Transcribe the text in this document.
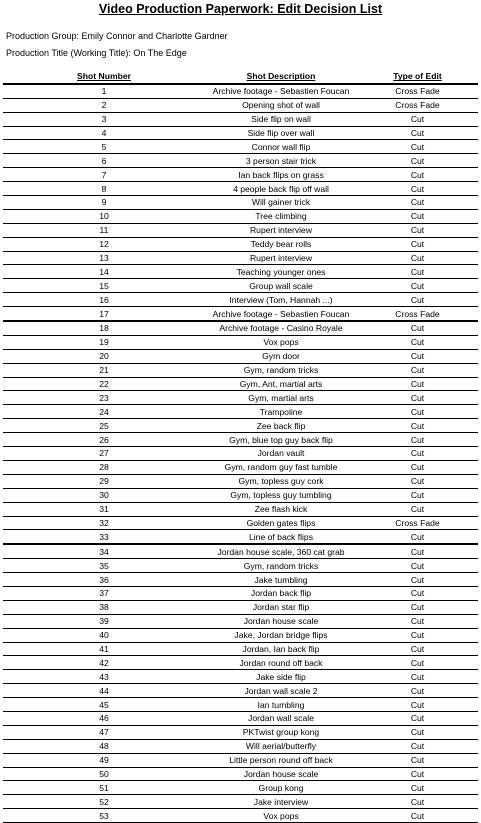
Video Production Paperwork: Edit Decision List
Production Group: Emily Connor and Charlotte Gardner
Production Title (Working Title): On The Edge
Shot Number	Shot Description	Type of Edit
1	Archive footage - Sebastien Foucan	Cross Fade
2	Opening shot of wall	Cross Fade
3	Side flip on wall	Cut
4	Side flip over wall	Cut
5	Connor wall flip	Cut
6	3 person stair trick	Cut
7	Ian back flips on grass	Cut
8	4 people back flip off wall	Cut
9	Will gainer trick	Cut
10	Tree climbing	Cut
11	Rupert interview	Cut
12	Teddy bear rolls	Cut
13	Rupert interview	Cut
14	Teaching younger ones	Cut
15	Group wall scale	Cut
16	Interview (Tom, Hannah ...)	Cut
17	Archive footage - Sebastien Foucan	Cross Fade
18	Archive footage - Casino Royale	Cut
19	Vox pops	Cut
20	Gym door	Cut
21	Gym, random tricks	Cut
22	Gym, Ant, martial arts	Cut
23	Gym, martial arts	Cut
24	Trampoline	Cut
25	Zee back flip	Cut
26	Gym, blue top guy back flip	Cut
27	Jordan vault	Cut
28	Gym, random guy fast tumble	Cut
29	Gym, topless guy cork	Cut
30	Gym, topless guy tumbling	Cut
31	Zee flash kick	Cut
32	Golden gates flips	Cross Fade
33	Line of back flips	Cut
34	Jordan house scale, 360 cat grab	Cut
35	Gym, random tricks	Cut
36	Jake tumbling	Cut
37	Jordan back flip	Cut
38	Jordan star flip	Cut
39	Jordan house scale	Cut
40	Jake, Jordan bridge flips	Cut
41	Jordan, Ian back flip	Cut
42	Jordan round off back	Cut
43	Jake side flip	Cut
44	Jordan wall scale 2	Cut
45	Ian tumbling	Cut
46	Jordan wall scale	Cut
47	PKTwist group kong	Cut
48	Will aerial/butterfly	Cut
49	Little person round off back	Cut
50	Jordan house scale	Cut
51	Group kong	Cut
52	Jake interview	Cut
53	Vox pops	Cut
